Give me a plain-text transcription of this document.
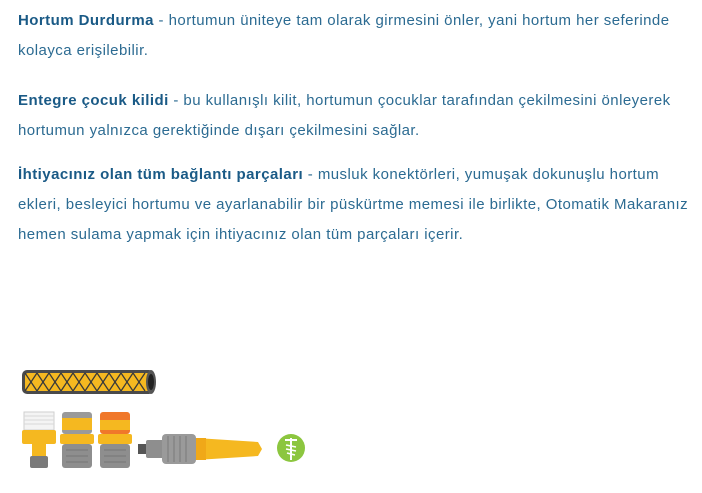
Hortum Durdurma - hortumun üniteye tam olarak girmesini önler, yani hortum her seferinde kolayca erişilebilir.

Entegre çocuk kilidi - bu kullanışlı kilit, hortumun çocuklar tarafından çekilmesini önleyerek hortumun yalnızca gerektiğinde dışarı çekilmesini sağlar.

İhtiyacınız olan tüm bağlantı parçaları - musluk konektörleri, yumuşak dokunuşlu hortum ekleri, besleyici hortumu ve ayarlanabilir bir püskürtme memesi ile birlikte, Otomatik Makaranız hemen sulama yapmak için ihtiyacınız olan tüm parçaları içerir.
